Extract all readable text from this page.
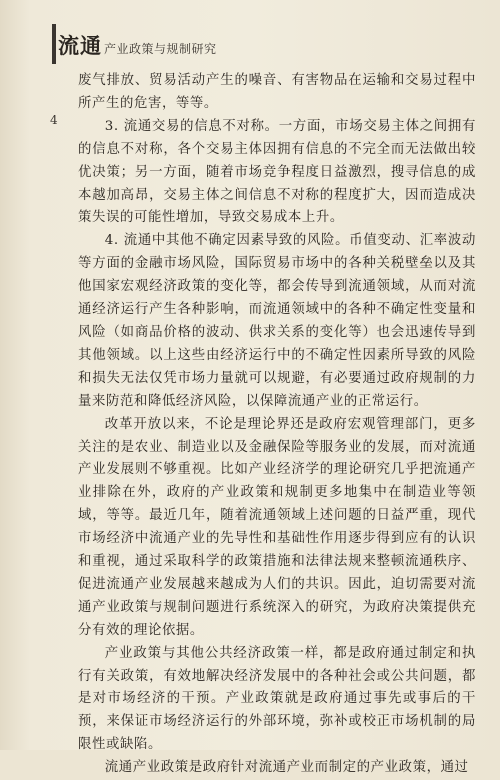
流通 产业政策与规制研究
4

废气排放、贸易活动产生的噪音、有害物品在运输和交易过程中所产生的危害，等等。

3. 流通交易的信息不对称。一方面，市场交易主体之间拥有的信息不对称，各个交易主体因拥有信息的不完全而无法做出较优决策；另一方面，随着市场竞争程度日益激烈，搜寻信息的成本越加高昂，交易主体之间信息不对称的程度扩大，因而造成决策失误的可能性增加，导致交易成本上升。

4. 流通中其他不确定因素导致的风险。币值变动、汇率波动等方面的金融市场风险，国际贸易市场中的各种关税壁垒以及其他国家宏观经济政策的变化等，都会传导到流通领域，从而对流通经济运行产生各种影响，而流通领域中的各种不确定性变量和风险（如商品价格的波动、供求关系的变化等）也会迅速传导到其他领域。以上这些由经济运行中的不确定性因素所导致的风险和损失无法仅凭市场力量就可以规避，有必要通过政府规制的力量来防范和降低经济风险，以保障流通产业的正常运行。

改革开放以来，不论是理论界还是政府宏观管理部门，更多关注的是农业、制造业以及金融保险等服务业的发展，而对流通产业发展则不够重视。比如产业经济学的理论研究几乎把流通产业排除在外，政府的产业政策和规制更多地集中在制造业等领域，等等。最近几年，随着流通领域上述问题的日益严重，现代市场经济中流通产业的先导性和基础性作用逐步得到应有的认识和重视，通过采取科学的政策措施和法律法规来整顿流通秩序、促进流通产业发展越来越成为人们的共识。因此，迫切需要对流通产业政策与规制问题进行系统深入的研究，为政府决策提供充分有效的理论依据。

产业政策与其他公共经济政策一样，都是政府通过制定和执行有关政策，有效地解决经济发展中的各种社会或公共问题，都是对市场经济的干预。产业政策就是政府通过事先或事后的干预，来保证市场经济运行的外部环境，弥补或校正市场机制的局限性或缺陷。

流通产业政策是政府针对流通产业而制定的产业政策，通过
